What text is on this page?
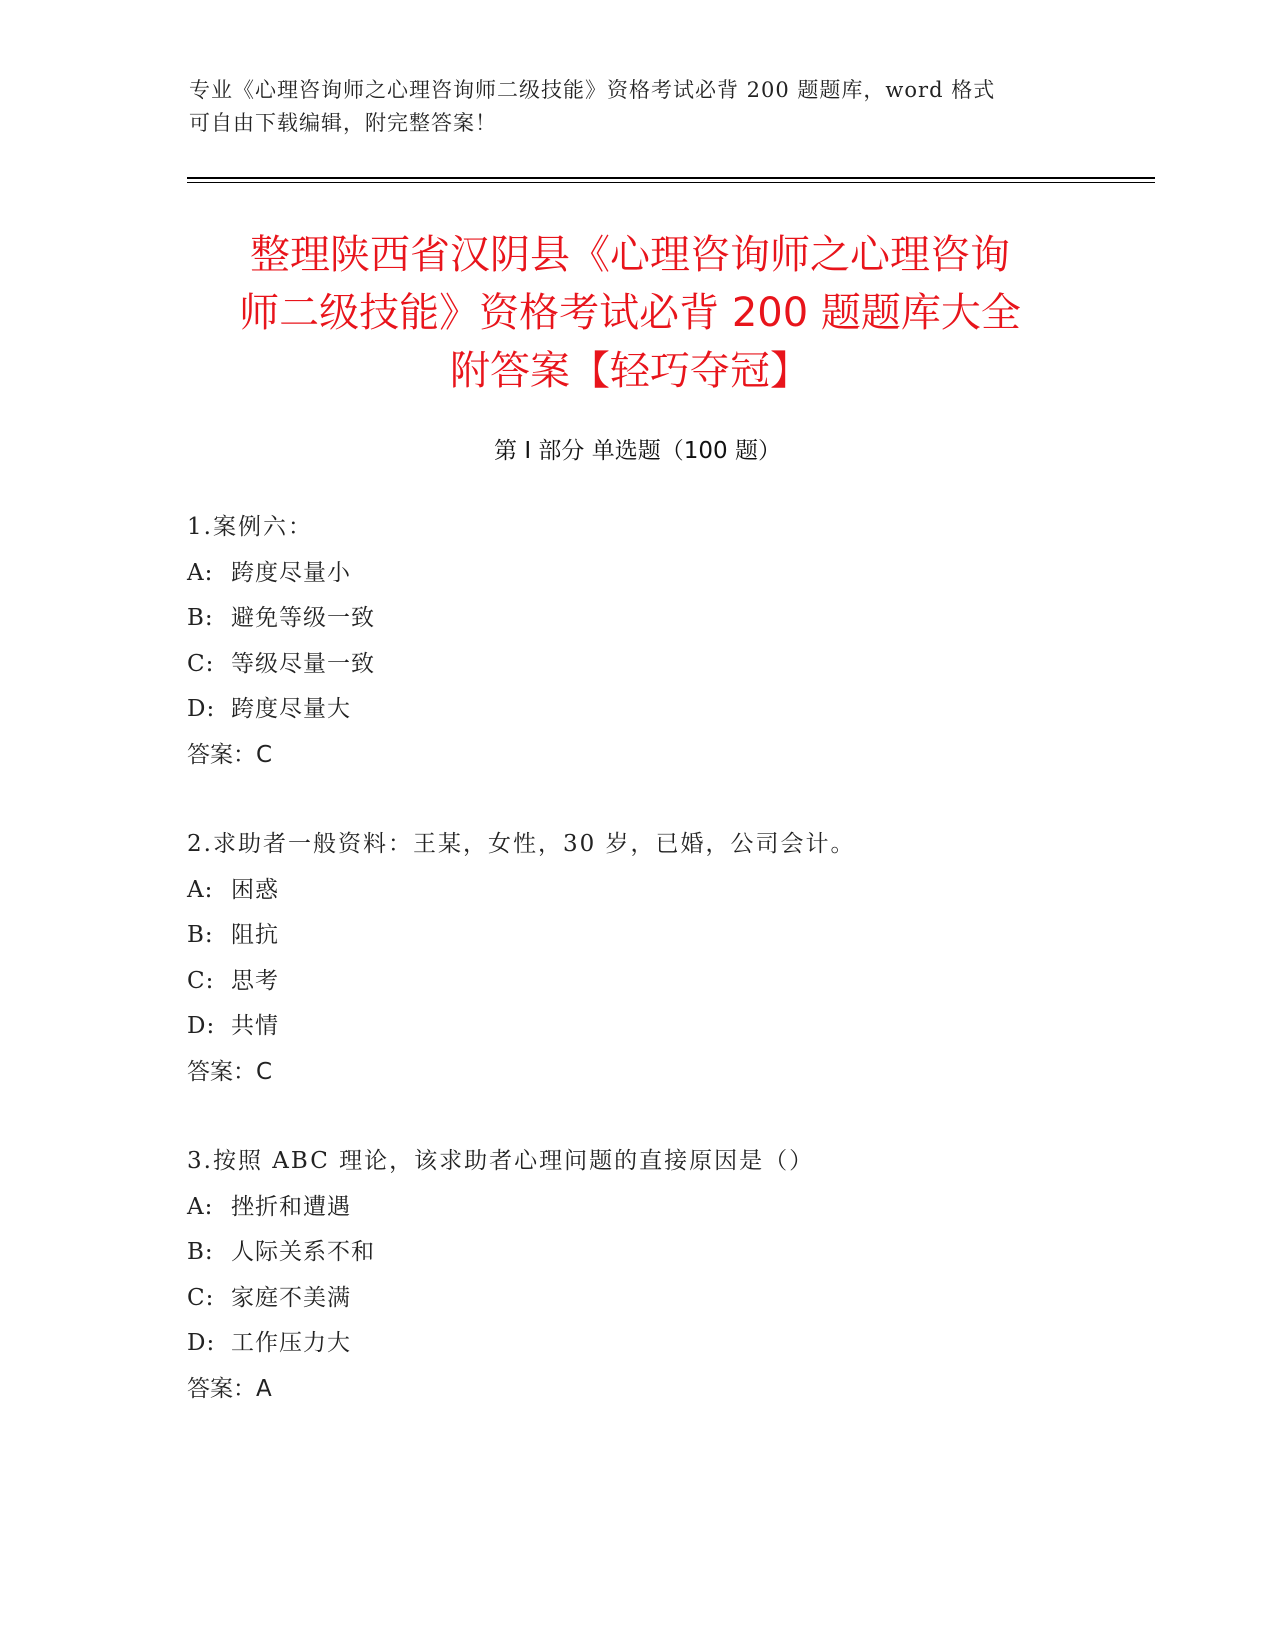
专业《心理咨询师之心理咨询师二级技能》资格考试必背 200 题题库，word 格式
可自由下载编辑，附完整答案！
整理陕西省汉阴县《心理咨询师之心理咨询
师二级技能》资格考试必背 200 题题库大全
附答案【轻巧夺冠】
第 I 部分 单选题（100 题）
1.案例六：
A: 跨度尽量小
B: 避免等级一致
C: 等级尽量一致
D: 跨度尽量大
答案：C
2.求助者一般资料：王某，女性，30 岁，已婚，公司会计。
A: 困惑
B: 阻抗
C: 思考
D: 共情
答案：C
3.按照 ABC 理论，该求助者心理问题的直接原因是（）
A: 挫折和遭遇
B: 人际关系不和
C: 家庭不美满
D: 工作压力大
答案：A
